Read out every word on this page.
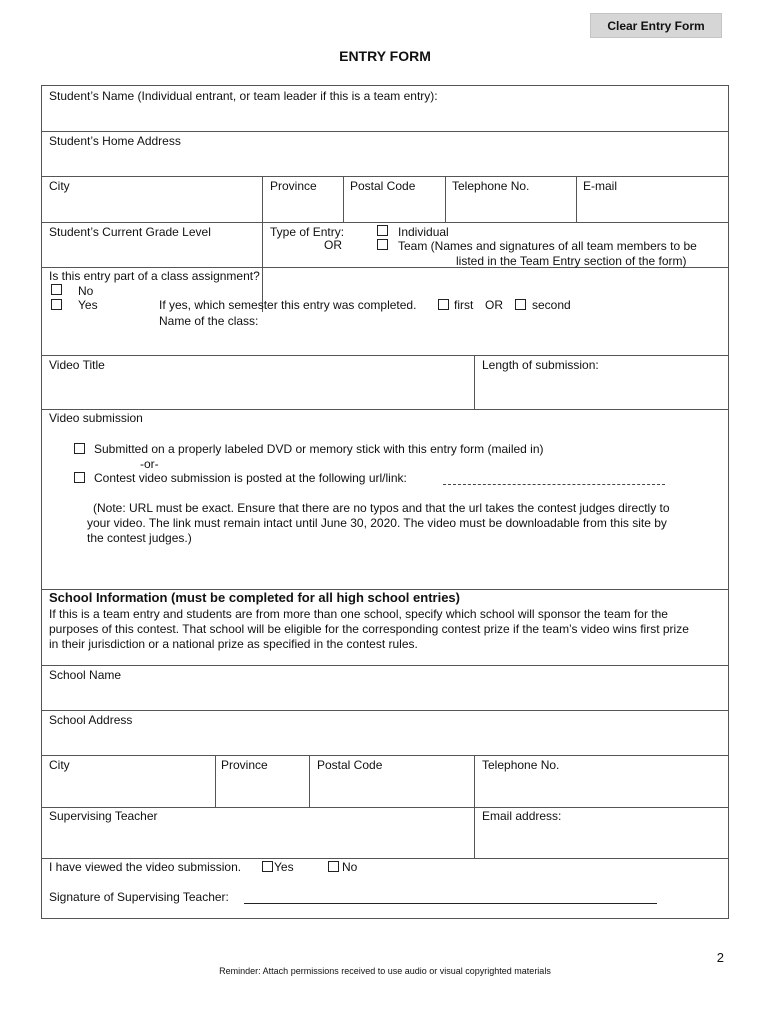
Clear Entry Form
ENTRY FORM
Student’s Name (Individual entrant, or team leader if this is a team entry):
Student’s Home Address
City	Province	Postal Code	Telephone No.	E-mail
Student’s Current Grade Level	Type of Entry:
OR
Individual
Team (Names and signatures of all team members to be
listed in the Team Entry section of the form)
Is this entry part of a class assignment?
No
Yes	If yes, which semester this entry was completed.	first OR second
Name of the class:
Video Title	Length of submission:
Video submission
Submitted on a properly labeled DVD or memory stick with this entry form (mailed in)
-or-
Contest video submission is posted at the following url/link:
(Note: URL must be exact. Ensure that there are no typos and that the url takes the contest judges directly to
your video. The link must remain intact until June 30, 2020. The video must be downloadable from this site by
the contest judges.)
School Information (must be completed for all high school entries)
If this is a team entry and students are from more than one school, specify which school will sponsor the team for the
purposes of this contest. That school will be eligible for the corresponding contest prize if the team’s video wins first prize
in their jurisdiction or a national prize as specified in the contest rules.
School Name
School Address
City	Province	Postal Code	Telephone No.
Supervising Teacher	Email address:
I have viewed the video submission.	Yes	No
Signature of Supervising Teacher:
2
Reminder: Attach permissions received to use audio or visual copyrighted materials
